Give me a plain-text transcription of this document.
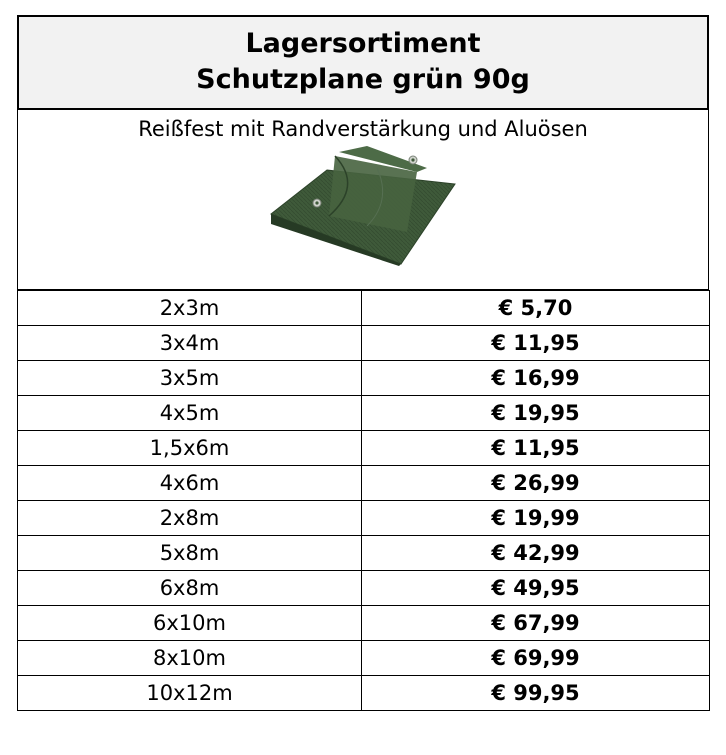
Lagersortiment
Schutzplane grün 90g
Reißfest mit Randverstärkung und Aluösen
2x3m	€ 5,70
3x4m	€ 11,95
3x5m	€ 16,99
4x5m	€ 19,95
1,5x6m	€ 11,95
4x6m	€ 26,99
2x8m	€ 19,99
5x8m	€ 42,99
6x8m	€ 49,95
6x10m	€ 67,99
8x10m	€ 69,99
10x12m	€ 99,95
